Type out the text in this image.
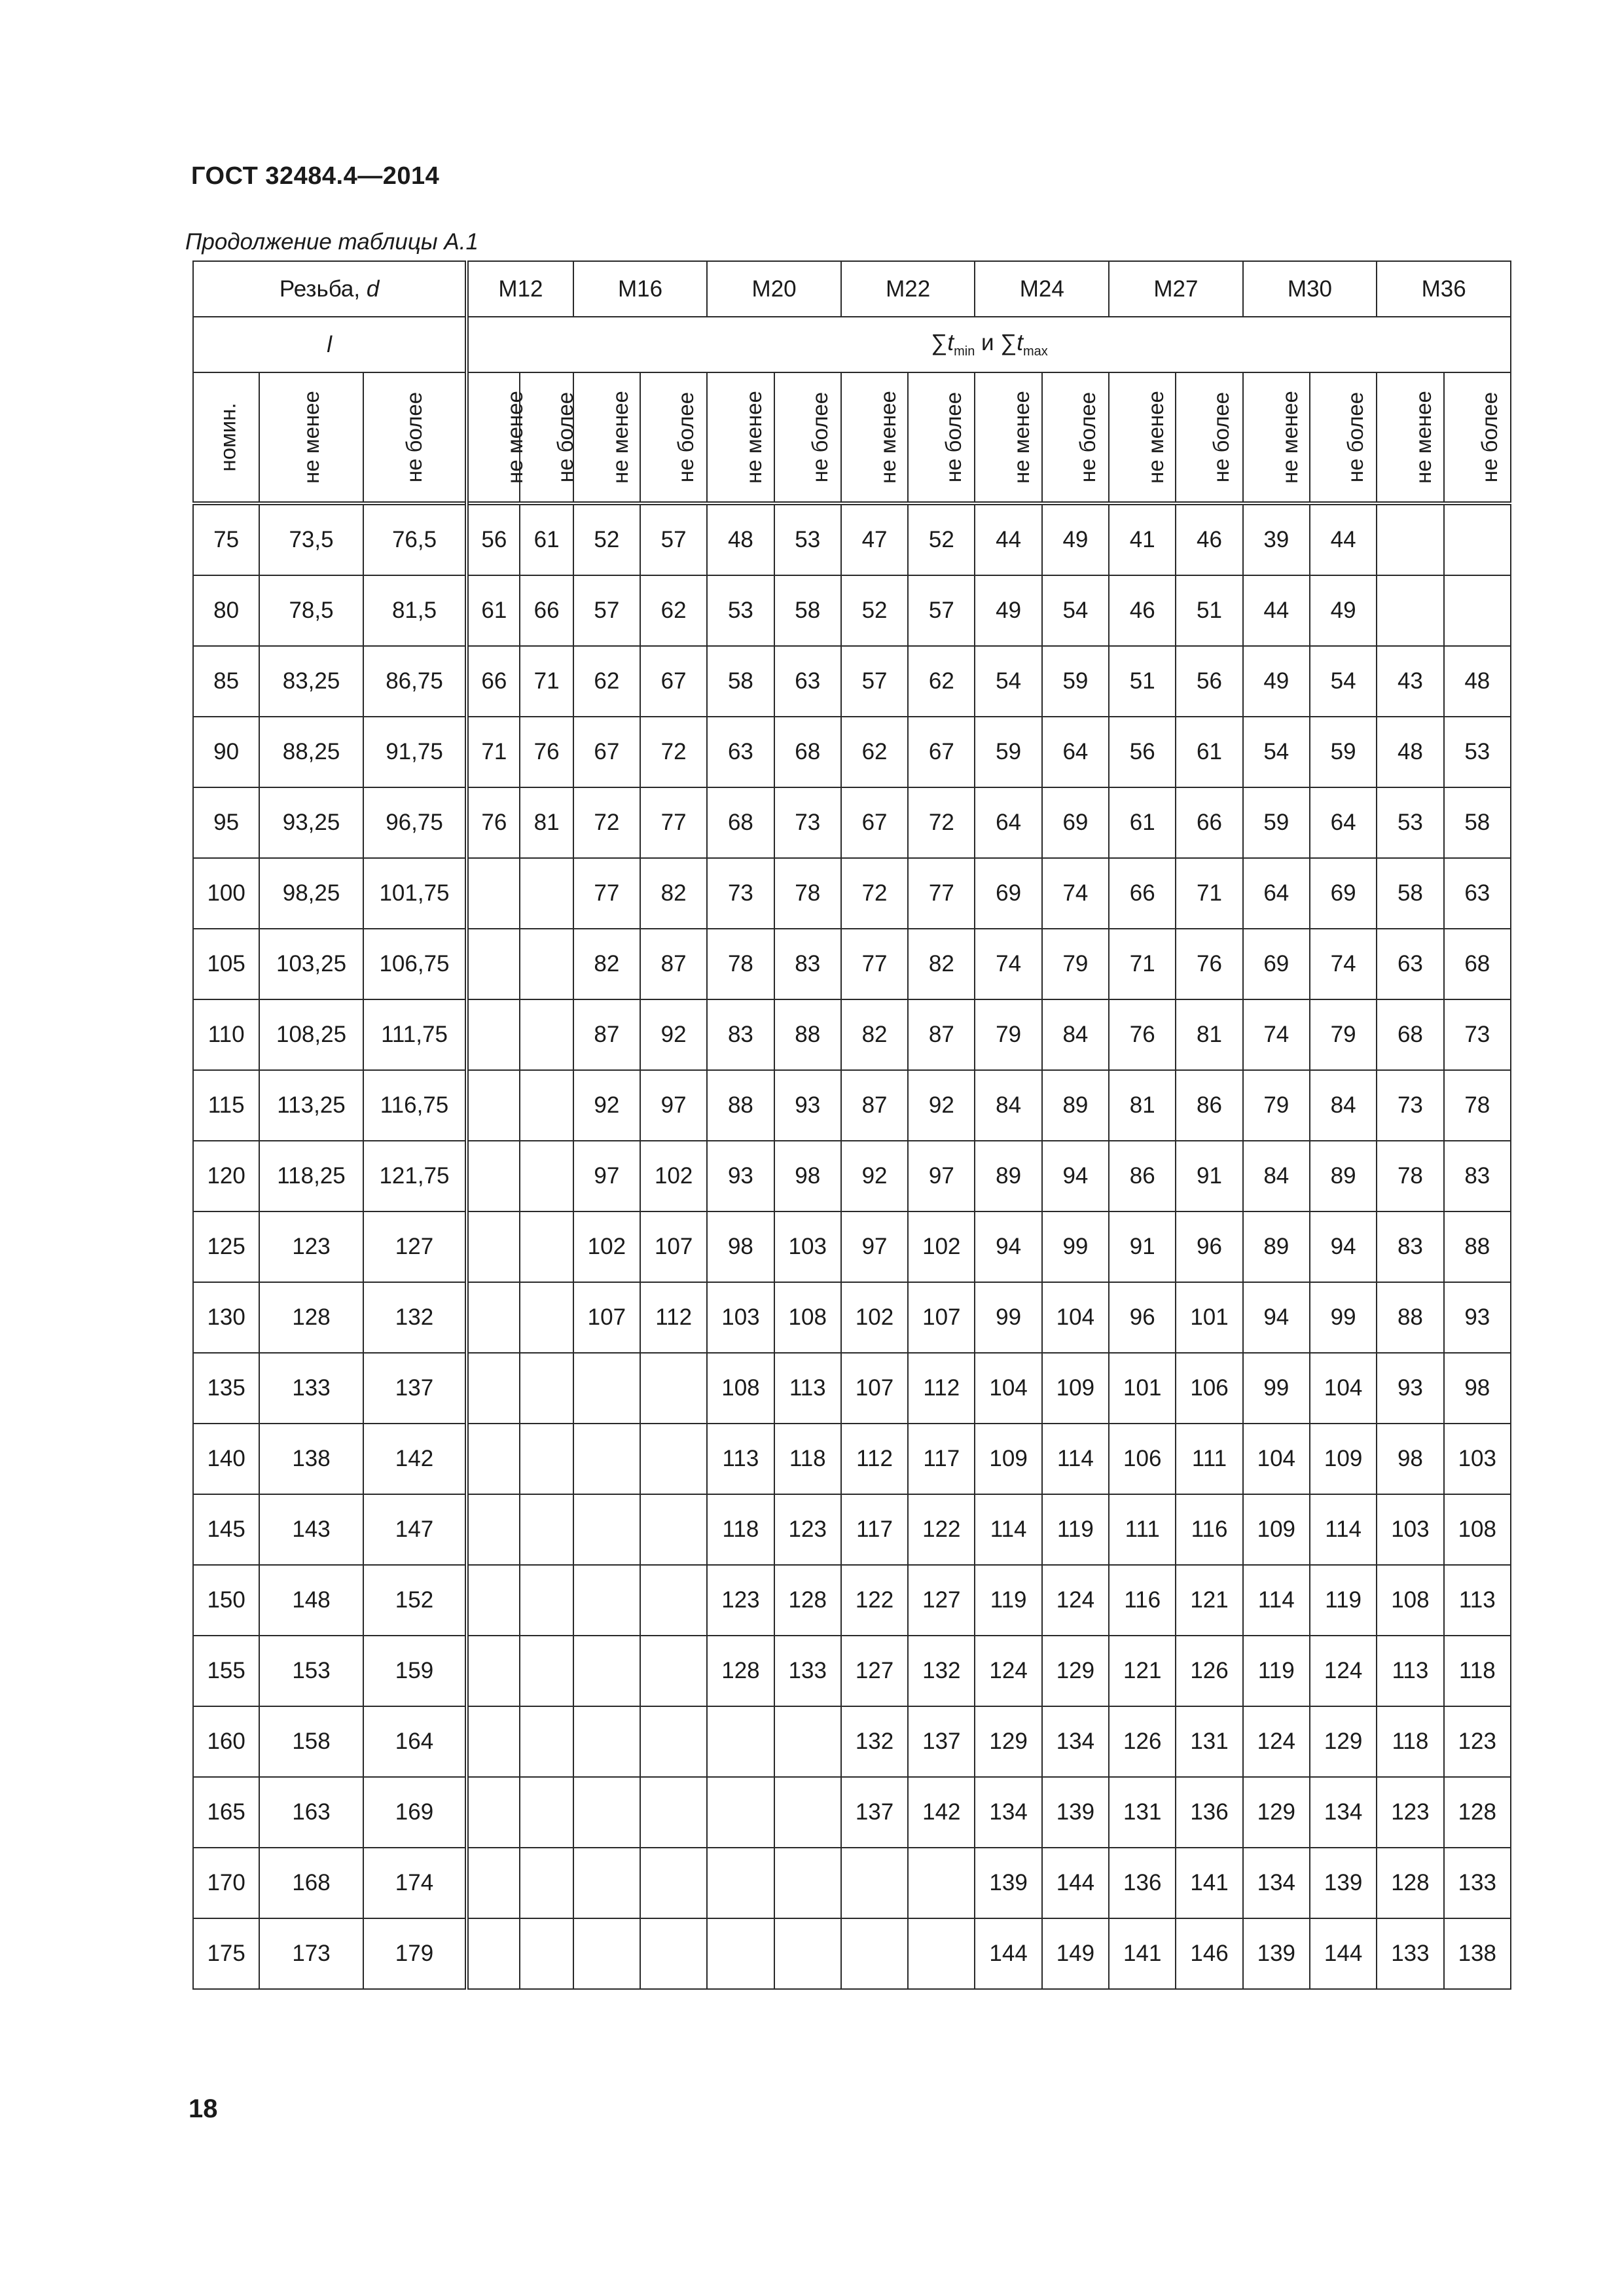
ГОСТ 32484.4—2014
Продолжение таблицы А.1
Резьба, d			M12		M16		M20		M22		M24		M27		M30		M36	
l			$\sum t_{min}$ и $\sum t_{max}$
номин.	не менее	не более	не менее	не более	не менее	не более	не менее	не более	не менее	не более	не менее	не более	не менее	не более	не менее	не более	не менее	не более
75	73,5	76,5	56	61	52	57	48	53	47	52	44	49	41	46	39	44		
80	78,5	81,5	61	66	57	62	53	58	52	57	49	54	46	51	44	49		
85	83,25	86,75	66	71	62	67	58	63	57	62	54	59	51	56	49	54	43	48
90	88,25	91,75	71	76	67	72	63	68	62	67	59	64	56	61	54	59	48	53
95	93,25	96,75	76	81	72	77	68	73	67	72	64	69	61	66	59	64	53	58
100	98,25	101,75			77	82	73	78	72	77	69	74	66	71	64	69	58	63
105	103,25	106,75			82	87	78	83	77	82	74	79	71	76	69	74	63	68
110	108,25	111,75			87	92	83	88	82	87	79	84	76	81	74	79	68	73
115	113,25	116,75			92	97	88	93	87	92	84	89	81	86	79	84	73	78
120	118,25	121,75			97	102	93	98	92	97	89	94	86	91	84	89	78	83
125	123	127			102	107	98	103	97	102	94	99	91	96	89	94	83	88
130	128	132			107	112	103	108	102	107	99	104	96	101	94	99	88	93
135	133	137					108	113	107	112	104	109	101	106	99	104	93	98
140	138	142					113	118	112	117	109	114	106	111	104	109	98	103
145	143	147					118	123	117	122	114	119	111	116	109	114	103	108
150	148	152					123	128	122	127	119	124	116	121	114	119	108	113
155	153	159					128	133	127	132	124	129	121	126	119	124	113	118
160	158	164							132	137	129	134	126	131	124	129	118	123
165	163	169							137	142	134	139	131	136	129	134	123	128
170	168	174									139	144	136	141	134	139	128	133
175	173	179									144	149	141	146	139	144	133	138
18
